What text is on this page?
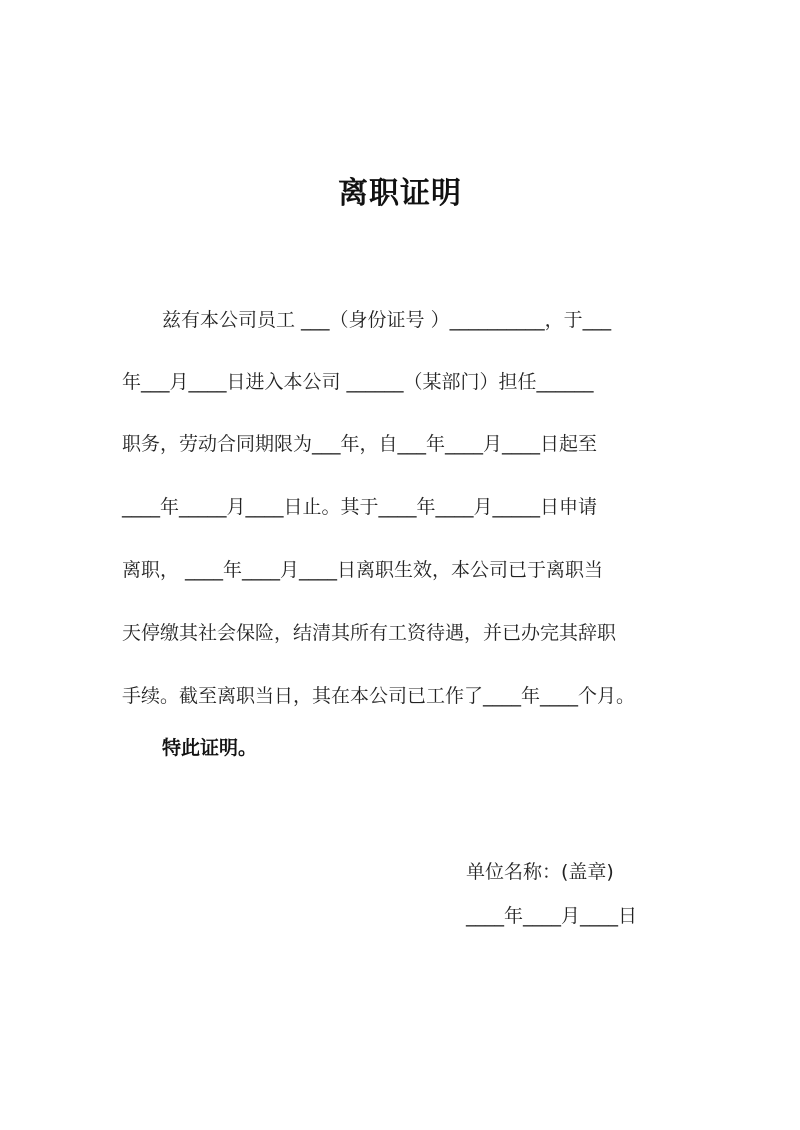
离职证明
兹有本公司员工 ___（身份证号 ）__________，于___
年___月____日进入本公司 ______（某部门）担任______
职务，劳动合同期限为___年，自___年____月____日起至
____年_____月____日止。其于____年____月_____日申请
离职， ____年____月____日离职生效，本公司已于离职当
天停缴其社会保险，结清其所有工资待遇，并已办完其辞职
手续。截至离职当日，其在本公司已工作了____年____个月。
特此证明。
单位名称：(盖章)
____年____月____日
